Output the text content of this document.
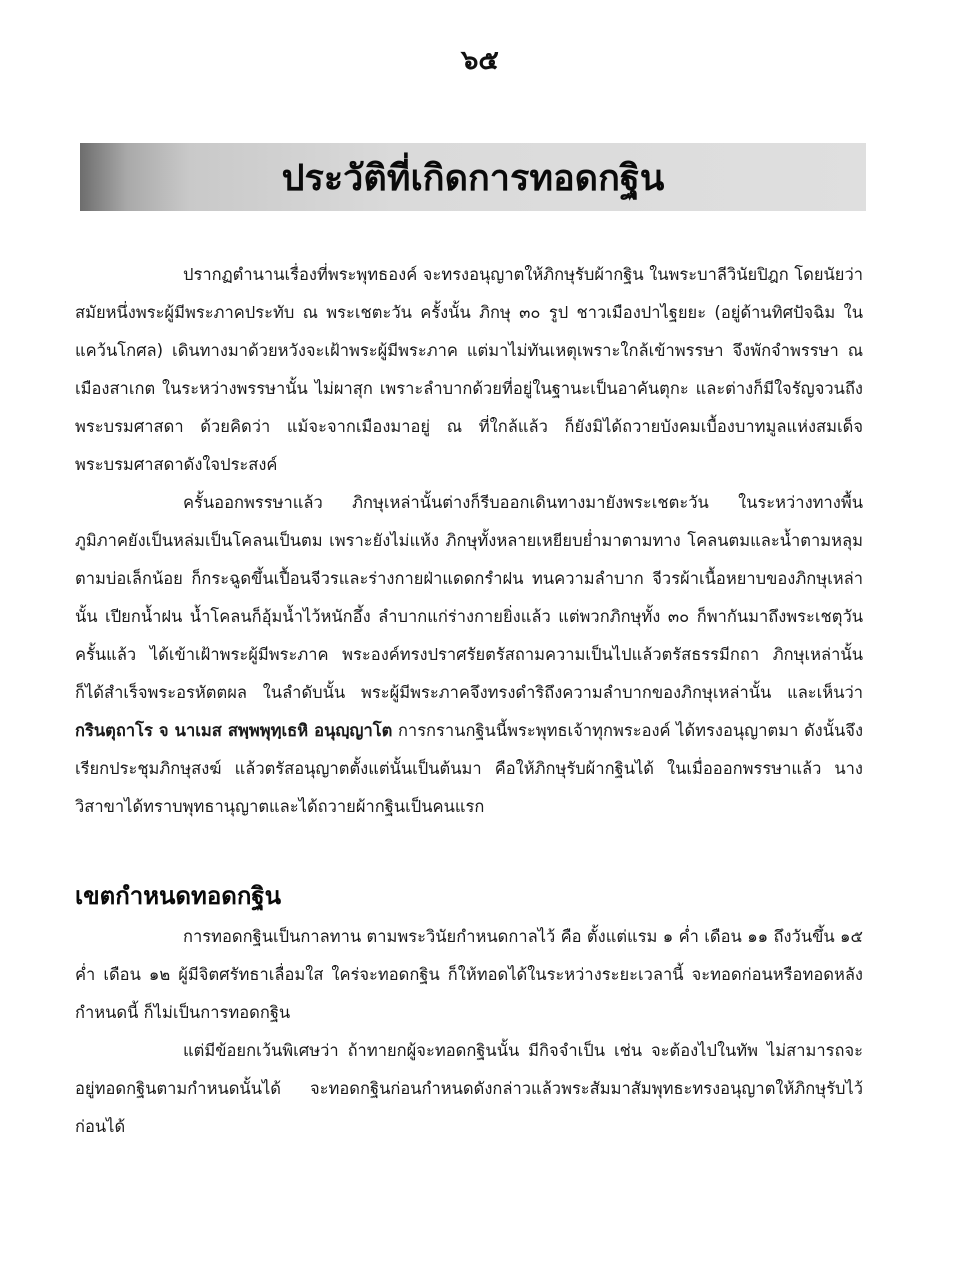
๖๕
ประวัติที่เกิดการทอดกฐิน

ปรากฏตำนานเรื่องที่พระพุทธองค์ จะทรงอนุญาตให้ภิกษุรับผ้ากฐิน ในพระบาลีวินัยปิฎก โดยนัยว่า สมัยหนึ่งพระผู้มีพระภาคประทับ ณ พระเชตะวัน ครั้งนั้น ภิกษุ ๓๐ รูป ชาวเมืองปาไฐยยะ (อยู่ด้านทิศปัจฉิม ในแคว้นโกศล) เดินทางมาด้วยหวังจะเฝ้าพระผู้มีพระภาค แต่มาไม่ทันเหตุเพราะใกล้เข้าพรรษา จึงพักจำพรรษา ณ เมืองสาเกต ในระหว่างพรรษานั้น ไม่ผาสุก เพราะลำบากด้วยที่อยู่ในฐานะเป็นอาคันตุกะ และต่างก็มีใจรัญจวนถึงพระบรมศาสดา ด้วยคิดว่า แม้จะจากเมืองมาอยู่ ณ ที่ใกล้แล้ว ก็ยังมิได้ถวายบังคมเบื้องบาทมูลแห่งสมเด็จพระบรมศาสดาดังใจประสงค์

ครั้นออกพรรษาแล้ว ภิกษุเหล่านั้นต่างก็รีบออกเดินทางมายังพระเชตะวัน ในระหว่างทางพื้นภูมิภาคยังเป็นหล่มเป็นโคลนเป็นตม เพราะยังไม่แห้ง ภิกษุทั้งหลายเหยียบย่ำมาตามทาง โคลนตมและน้ำตามหลุมตามบ่อเล็กน้อย ก็กระฉูดขึ้นเปื้อนจีวรและร่างกายฝ่าแดดกรำฝน ทนความลำบาก จีวรผ้าเนื้อหยาบของภิกษุเหล่านั้น เปียกน้ำฝน น้ำโคลนก็อุ้มน้ำไว้หนักอึ้ง ลำบากแก่ร่างกายยิ่งแล้ว แต่พวกภิกษุทั้ง ๓๐ ก็พากันมาถึงพระเชตุวันครั้นแล้ว ได้เข้าเฝ้าพระผู้มีพระภาค พระองค์ทรงปราศรัยตรัสถามความเป็นไปแล้วตรัสธรรมีกถา ภิกษุเหล่านั้น ก็ได้สำเร็จพระอรหัตตผล ในลำดับนั้น พระผู้มีพระภาคจึงทรงดำริถึงความลำบากของภิกษุเหล่านั้น และเห็นว่า กรินตุถาโร จ นาเมส สพฺพพุทฺเธหิ อนุญฺญาโต การกรานกฐินนี้พระพุทธเจ้าทุกพระองค์ ได้ทรงอนุญาตมา ดังนั้นจึงเรียกประชุมภิกษุสงฆ์ แล้วตรัสอนุญาตตั้งแต่นั้นเป็นต้นมา คือให้ภิกษุรับผ้ากฐินได้ ในเมื่อออกพรรษาแล้ว นางวิสาขาได้ทราบพุทธานุญาตและได้ถวายผ้ากฐินเป็นคนแรก

เขตกำหนดทอดกฐิน

การทอดกฐินเป็นกาลทาน ตามพระวินัยกำหนดกาลไว้ คือ ตั้งแต่แรม ๑ ค่ำ เดือน ๑๑ ถึงวันขึ้น ๑๕ ค่ำ เดือน ๑๒ ผู้มีจิตศรัทธาเลื่อมใส ใคร่จะทอดกฐิน ก็ให้ทอดได้ในระหว่างระยะเวลานี้ จะทอดก่อนหรือทอดหลังกำหนดนี้ ก็ไม่เป็นการทอดกฐิน

แต่มีข้อยกเว้นพิเศษว่า ถ้าทายกผู้จะทอดกฐินนั้น มีกิจจำเป็น เช่น จะต้องไปในทัพ ไม่สามารถจะอยู่ทอดกฐินตามกำหนดนั้นได้ จะทอดกฐินก่อนกำหนดดังกล่าวแล้วพระสัมมาสัมพุทธะทรงอนุญาตให้ภิกษุรับไว้ก่อนได้
